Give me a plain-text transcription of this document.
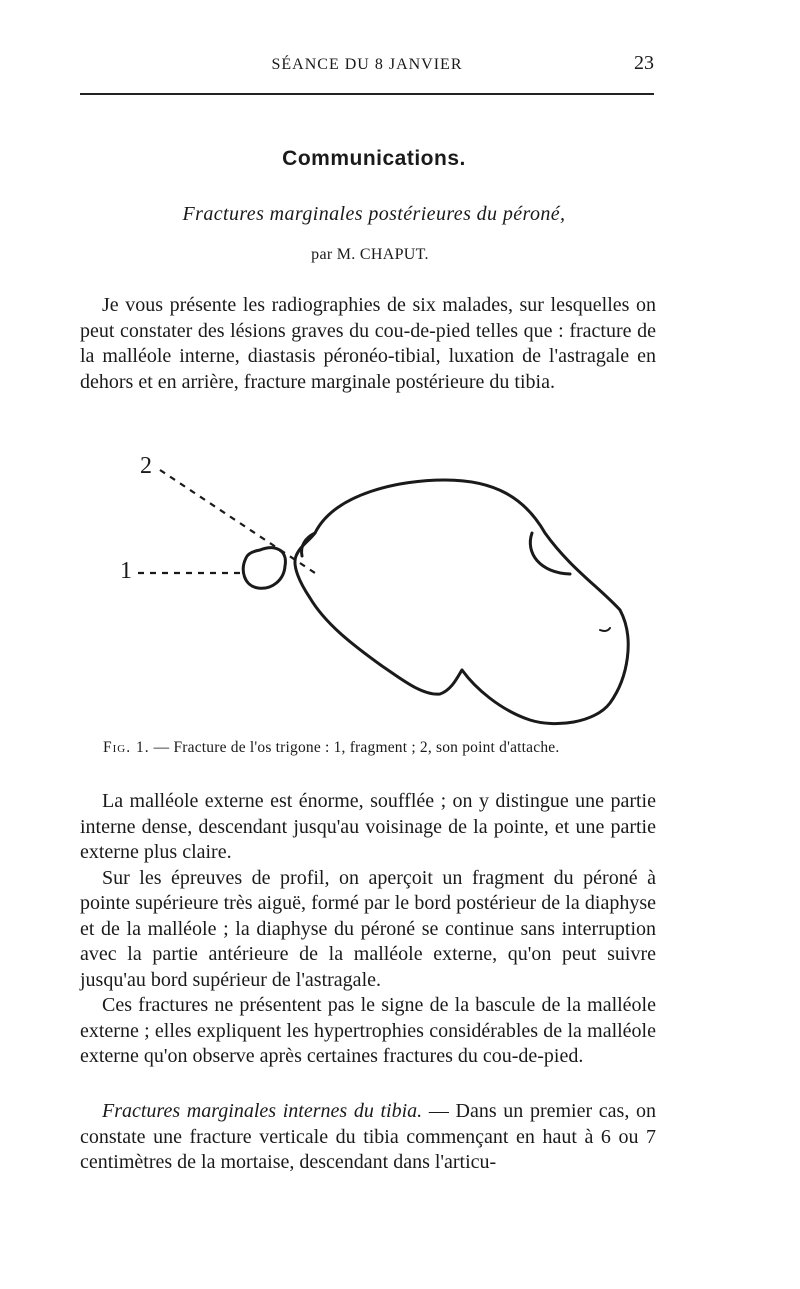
SÉANCE DU 8 JANVIER	23
Communications.
Fractures marginales postérieures du péroné,
par M. CHAPUT.

Je vous présente les radiographies de six malades, sur lesquelles on peut constater des lésions graves du cou-de-pied telles que : fracture de la malléole interne, diastasis péronéo-tibial, luxation de l'astragale en dehors et en arrière, fracture marginale postérieure du tibia.

1
2
Fig. 1. — Fracture de l'os trigone : 1, fragment ; 2, son point d'attache.

La malléole externe est énorme, soufflée ; on y distingue une partie interne dense, descendant jusqu'au voisinage de la pointe, et une partie externe plus claire.

Sur les épreuves de profil, on aperçoit un fragment du péroné à pointe supérieure très aiguë, formé par le bord postérieur de la diaphyse et de la malléole ; la diaphyse du péroné se continue sans interruption avec la partie antérieure de la malléole externe, qu'on peut suivre jusqu'au bord supérieur de l'astragale.

Ces fractures ne présentent pas le signe de la bascule de la malléole externe ; elles expliquent les hypertrophies considérables de la malléole externe qu'on observe après certaines fractures du cou-de-pied.

Fractures marginales internes du tibia. — Dans un premier cas, on constate une fracture verticale du tibia commençant en haut à 6 ou 7 centimètres de la mortaise, descendant dans l'articu-
